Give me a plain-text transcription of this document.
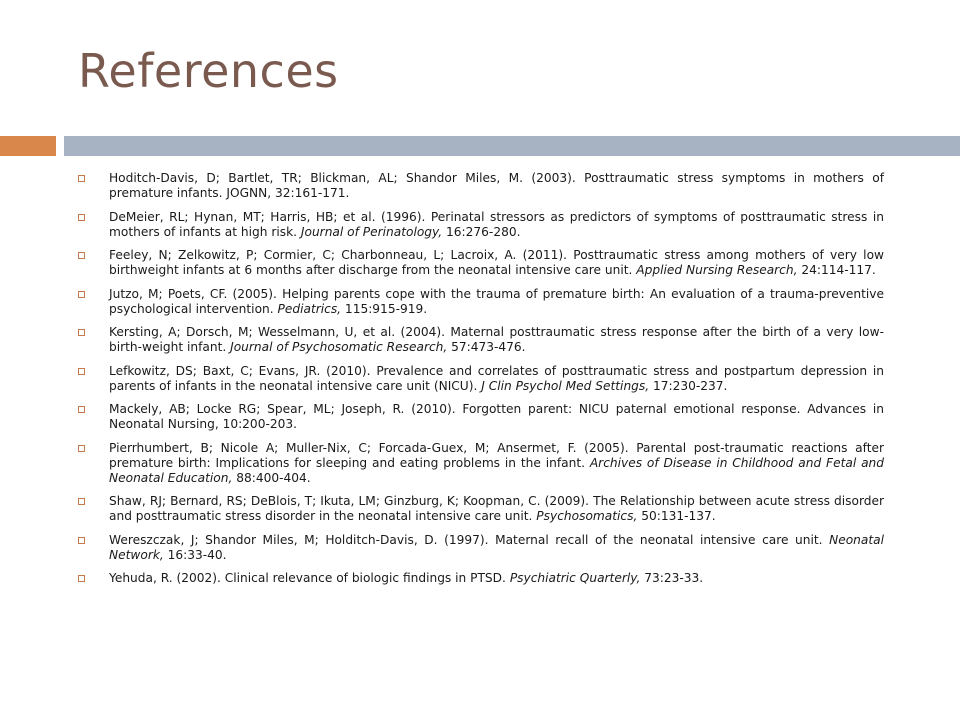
References
Hoditch-Davis, D; Bartlet, TR; Blickman, AL; Shandor Miles, M. (2003). Posttraumatic stress symptoms in mothers of premature infants. JOGNN, 32:161-171.
DeMeier, RL; Hynan, MT; Harris, HB; et al. (1996). Perinatal stressors as predictors of symptoms of posttraumatic stress in mothers of infants at high risk. Journal of Perinatology, 16:276-280.
Feeley, N; Zelkowitz, P; Cormier, C; Charbonneau, L; Lacroix, A. (2011). Posttraumatic stress among mothers of very low birthweight infants at 6 months after discharge from the neonatal intensive care unit. Applied Nursing Research, 24:114-117.
Jutzo, M; Poets, CF. (2005). Helping parents cope with the trauma of premature birth: An evaluation of a trauma-preventive psychological intervention. Pediatrics, 115:915-919.
Kersting, A; Dorsch, M; Wesselmann, U, et al. (2004). Maternal posttraumatic stress response after the birth of a very low-birth-weight infant. Journal of Psychosomatic Research, 57:473-476.
Lefkowitz, DS; Baxt, C; Evans, JR. (2010). Prevalence and correlates of posttraumatic stress and postpartum depression in parents of infants in the neonatal intensive care unit (NICU). J Clin Psychol Med Settings, 17:230-237.
Mackely, AB; Locke RG; Spear, ML; Joseph, R. (2010). Forgotten parent: NICU paternal emotional response. Advances in Neonatal Nursing, 10:200-203.
Pierrhumbert, B; Nicole A; Muller-Nix, C; Forcada-Guex, M; Ansermet, F. (2005). Parental post-traumatic reactions after premature birth: Implications for sleeping and eating problems in the infant. Archives of Disease in Childhood and Fetal and Neonatal Education, 88:400-404.
Shaw, RJ; Bernard, RS; DeBlois, T; Ikuta, LM; Ginzburg, K; Koopman, C. (2009). The Relationship between acute stress disorder and posttraumatic stress disorder in the neonatal intensive care unit. Psychosomatics, 50:131-137.
Wereszczak, J; Shandor Miles, M; Holditch-Davis, D. (1997). Maternal recall of the neonatal intensive care unit. Neonatal Network, 16:33-40.
Yehuda, R. (2002). Clinical relevance of biologic findings in PTSD. Psychiatric Quarterly, 73:23-33.
